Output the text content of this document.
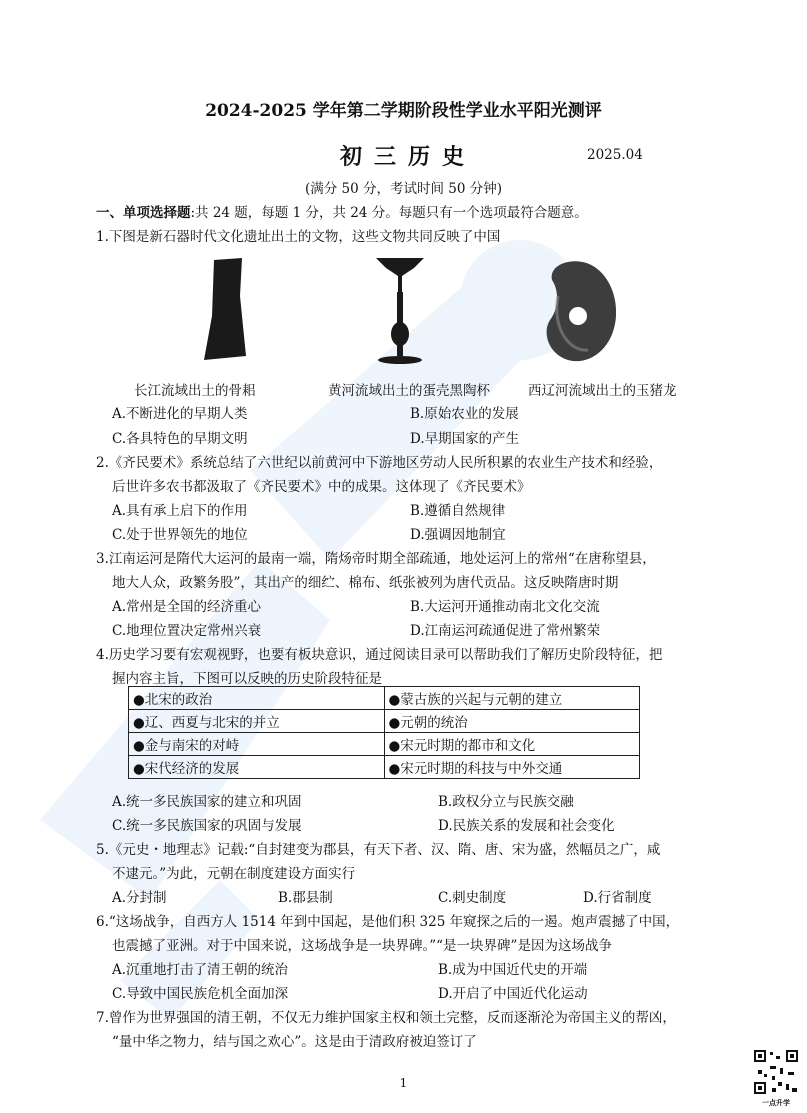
2024-2025 学年第二学期阶段性学业水平阳光测评
初三历史	2025.04
(满分 50 分，考试时间 50 分钟)
一、单项选择题:共 24 题，每题 1 分，共 24 分。每题只有一个选项最符合题意。
1.下图是新石器时代文化遗址出土的文物，这些文物共同反映了中国
长江流域出土的骨耜	黄河流域出土的蛋壳黑陶杯	西辽河流域出土的玉猪龙
A.不断进化的早期人类	B.原始农业的发展
C.各具特色的早期文明	D.早期国家的产生
2.《齐民要术》系统总结了六世纪以前黄河中下游地区劳动人民所积累的农业生产技术和经验，
后世许多农书都汲取了《齐民要术》中的成果。这体现了《齐民要术》
A.具有承上启下的作用	B.遵循自然规律
C.处于世界领先的地位	D.强调因地制宜
3.江南运河是隋代大运河的最南一端，隋炀帝时期全部疏通，地处运河上的常州“在唐称望县，
地大人众，政繁务股”，其出产的细纻、棉布、纸张被列为唐代贡品。这反映隋唐时期
A.常州是全国的经济重心	B.大运河开通推动南北文化交流
C.地理位置决定常州兴衰	D.江南运河疏通促进了常州繁荣
4.历史学习要有宏观视野，也要有板块意识，通过阅读目录可以帮助我们了解历史阶段特征，把
握内容主旨，下图可以反映的历史阶段特征是
●北宋的政治	●蒙古族的兴起与元朝的建立
●辽、西夏与北宋的并立	●元朝的统治
●金与南宋的对峙	●宋元时期的都市和文化
●宋代经济的发展	●宋元时期的科技与中外交通
A.统一多民族国家的建立和巩固	B.政权分立与民族交融
C.统一多民族国家的巩固与发展	D.民族关系的发展和社会变化
5.《元史・地理志》记载:“自封建变为郡县，有天下者、汉、隋、唐、宋为盛，然幅员之广，咸
不逮元。”为此，元朝在制度建设方面实行
A.分封制	B.郡县制	C.刺史制度	D.行省制度
6.“这场战争，自西方人 1514 年到中国起，是他们积 325 年窥探之后的一遏。炮声震撼了中国，
也震撼了亚洲。对于中国来说，这场战争是一块界碑。”“是一块界碑”是因为这场战争
A.沉重地打击了清王朝的统治	B.成为中国近代史的开端
C.导致中国民族危机全面加深	D.开启了中国近代化运动
7.曾作为世界强国的清王朝，不仅无力维护国家主权和领土完整，反而逐渐沦为帝国主义的帮凶，
“量中华之物力，结与国之欢心”。这是由于清政府被迫签订了
1
一点升学
